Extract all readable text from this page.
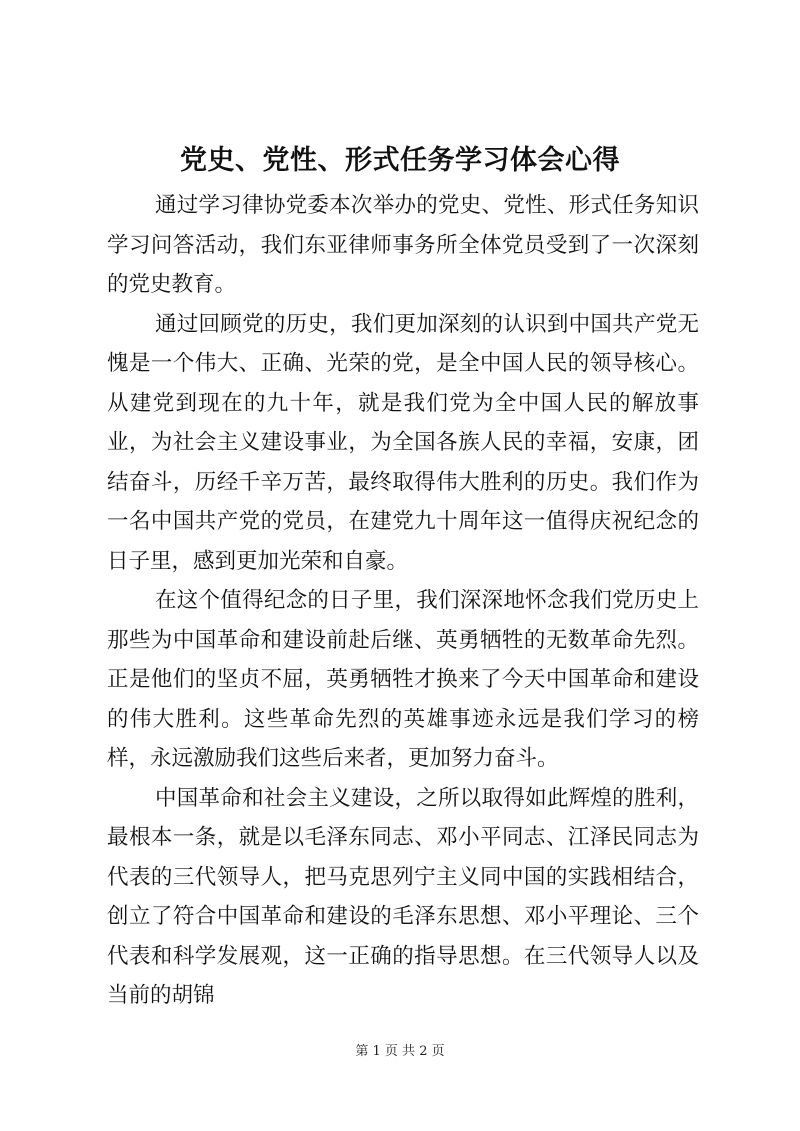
党史、党性、形式任务学习体会心得

通过学习律协党委本次举办的党史、党性、形式任务知识学习问答活动，我们东亚律师事务所全体党员受到了一次深刻的党史教育。

通过回顾党的历史，我们更加深刻的认识到中国共产党无愧是一个伟大、正确、光荣的党，是全中国人民的领导核心。从建党到现在的九十年，就是我们党为全中国人民的解放事业，为社会主义建设事业，为全国各族人民的幸福，安康，团结奋斗，历经千辛万苦，最终取得伟大胜利的历史。我们作为一名中国共产党的党员，在建党九十周年这一值得庆祝纪念的日子里，感到更加光荣和自豪。

在这个值得纪念的日子里，我们深深地怀念我们党历史上那些为中国革命和建设前赴后继、英勇牺牲的无数革命先烈。正是他们的坚贞不屈，英勇牺牲才换来了今天中国革命和建设的伟大胜利。这些革命先烈的英雄事迹永远是我们学习的榜样，永远激励我们这些后来者，更加努力奋斗。

中国革命和社会主义建设，之所以取得如此辉煌的胜利，最根本一条，就是以毛泽东同志、邓小平同志、江泽民同志为代表的三代领导人，把马克思列宁主义同中国的实践相结合，创立了符合中国革命和建设的毛泽东思想、邓小平理论、三个代表和科学发展观，这一正确的指导思想。在三代领导人以及当前的胡锦

第 1 页 共 2 页
